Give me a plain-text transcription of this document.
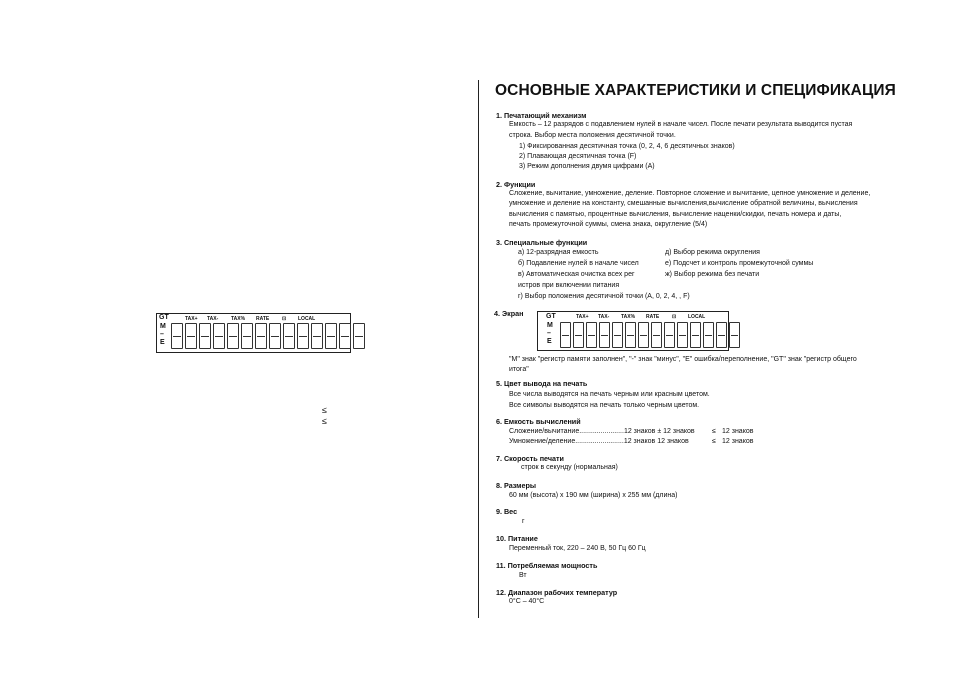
TAX+ TAX-	TAX% RATE	⊡ LOCAL
GT
M
–
E
≤
≤
ОСНОВНЫЕ ХАРАКТЕРИСТИКИ И СПЕЦИФИКАЦИЯ
1. Печатающий механизм
Емкость – 12 разрядов с подавлением нулей в начале чисел. После печати результата выводится пустая
строка. Выбор места положения десятичной точки.
1) Фиксированная десятичная точка (0, 2, 4, 6 десятичных знаков)
2) Плавающая десятичная точка (F)
3) Режим дополнения двумя цифрами (A)
2. Функции
Сложение, вычитание, умножение, деление. Повторное сложение и вычитание, цепное умножение и деление,
умножение и деление на константу, смешанные вычисления,вычисление обратной величины, вычисления
вычисления с памятью, процентные вычисления, вычисление наценки/скидки, печать номера и даты,
печать промежуточной суммы, смена знака, округление (5/4)
3. Специальные функции
а) 12-разрядная емкость
б) Подавление нулей в начале чисел
в) Автоматическая очистка всех рег
истров при включении питания
г) Выбор положения десятичной точки (A, 0, 2, 4, , F)
д) Выбор режима округления
е) Подсчет и контроль промежуточной суммы
ж) Выбор режима без печати
4. Экран	TAX+ TAX- TAX% RATE	⊡ LOCAL
GT
M
–
E
"M" знак "регистр памяти заполнен", "-" знак "минус", "E" ошибка/переполнение, "GT" знак "регистр общего
итога"
5. Цвет вывода на печать
Все числа выводятся на печать черным или красным цветом.
Все символы выводятся на печать только черным цветом.
6. Емкость вычислений
Сложение/вычитание.......................12 знаков ± 12 знаков ≤ 12 знаков
Умножение/деление.........................12 знаков 12 знаков	≤ 12 знаков
7. Скорость печати
строк в секунду (нормальная)
8. Размеры
60 мм (высота) x 190 мм (ширина) x 255 мм (длина)
9. Вес
г
10. Питание
Переменный ток, 220 – 240 В, 50 Гц 60 Гц
11. Потребляемая мощность
Вт
12. Диапазон рабочих температур
0°C – 40°C
